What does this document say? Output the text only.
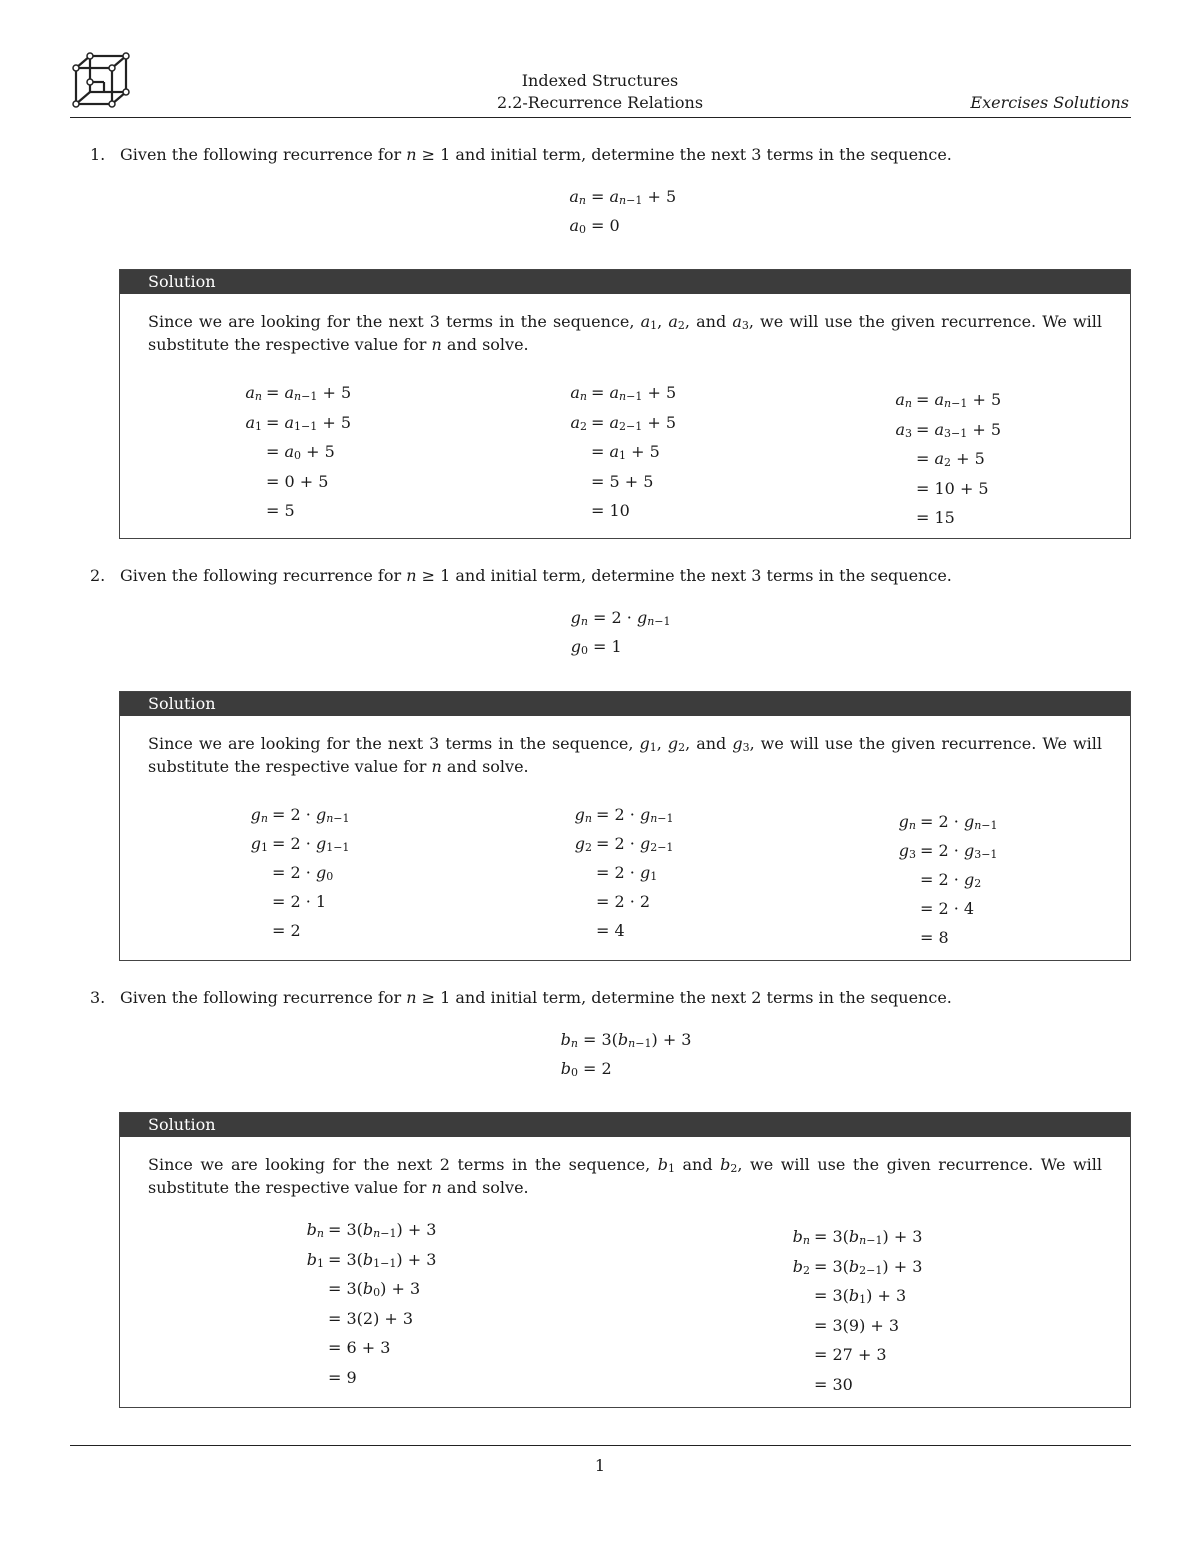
Indexed Structures
2.2-Recurrence Relations	Exercises Solutions
1. Given the following recurrence for n ≥ 1 and initial term, determine the next 3 terms in the sequence.
$a_n = a_{n-1} + 5$
$a_0 = 0$
Solution
Since we are looking for the next 3 terms in the sequence, $a_1$, $a_2$, and $a_3$, we will use the given recurrence. We will substitute the respective value for n and solve.
$a_n = a_{n-1} + 5$
$a_1 = a_{1-1} + 5$
= $a_0 + 5$
= 0 + 5
= 5
$a_n = a_{n-1} + 5$
$a_2 = a_{2-1} + 5$
= $a_1 + 5$
= 5 + 5
= 10
$a_n = a_{n-1} + 5$
$a_3 = a_{3-1} + 5$
= $a_2 + 5$
= 10 + 5
= 15
2. Given the following recurrence for n ≥ 1 and initial term, determine the next 3 terms in the sequence.
$g_n = 2 \cdot g_{n-1}$
$g_0 = 1$
Solution
Since we are looking for the next 3 terms in the sequence, $g_1$, $g_2$, and $g_3$, we will use the given recurrence. We will substitute the respective value for n and solve.
$g_n = 2 \cdot g_{n-1}$
$g_1 = 2 \cdot g_{1-1}$
= $2 \cdot g_0$
= 2 · 1
= 2
$g_n = 2 \cdot g_{n-1}$
$g_2 = 2 \cdot g_{2-1}$
= $2 \cdot g_1$
= 2 · 2
= 4
$g_n = 2 \cdot g_{n-1}$
$g_3 = 2 \cdot g_{3-1}$
= $2 \cdot g_2$
= 2 · 4
= 8
3. Given the following recurrence for n ≥ 1 and initial term, determine the next 2 terms in the sequence.
$b_n = 3(b_{n-1}) + 3$
$b_0 = 2$
Solution
Since we are looking for the next 2 terms in the sequence, $b_1$ and $b_2$, we will use the given recurrence. We will substitute the respective value for n and solve.
$b_n = 3(b_{n-1}) + 3$
$b_1 = 3(b_{1-1}) + 3$
= $3(b_0) + 3$
= 3(2) + 3
= 6 + 3
= 9
$b_n = 3(b_{n-1}) + 3$
$b_2 = 3(b_{2-1}) + 3$
= $3(b_1) + 3$
= 3(9) + 3
= 27 + 3
= 30
1
